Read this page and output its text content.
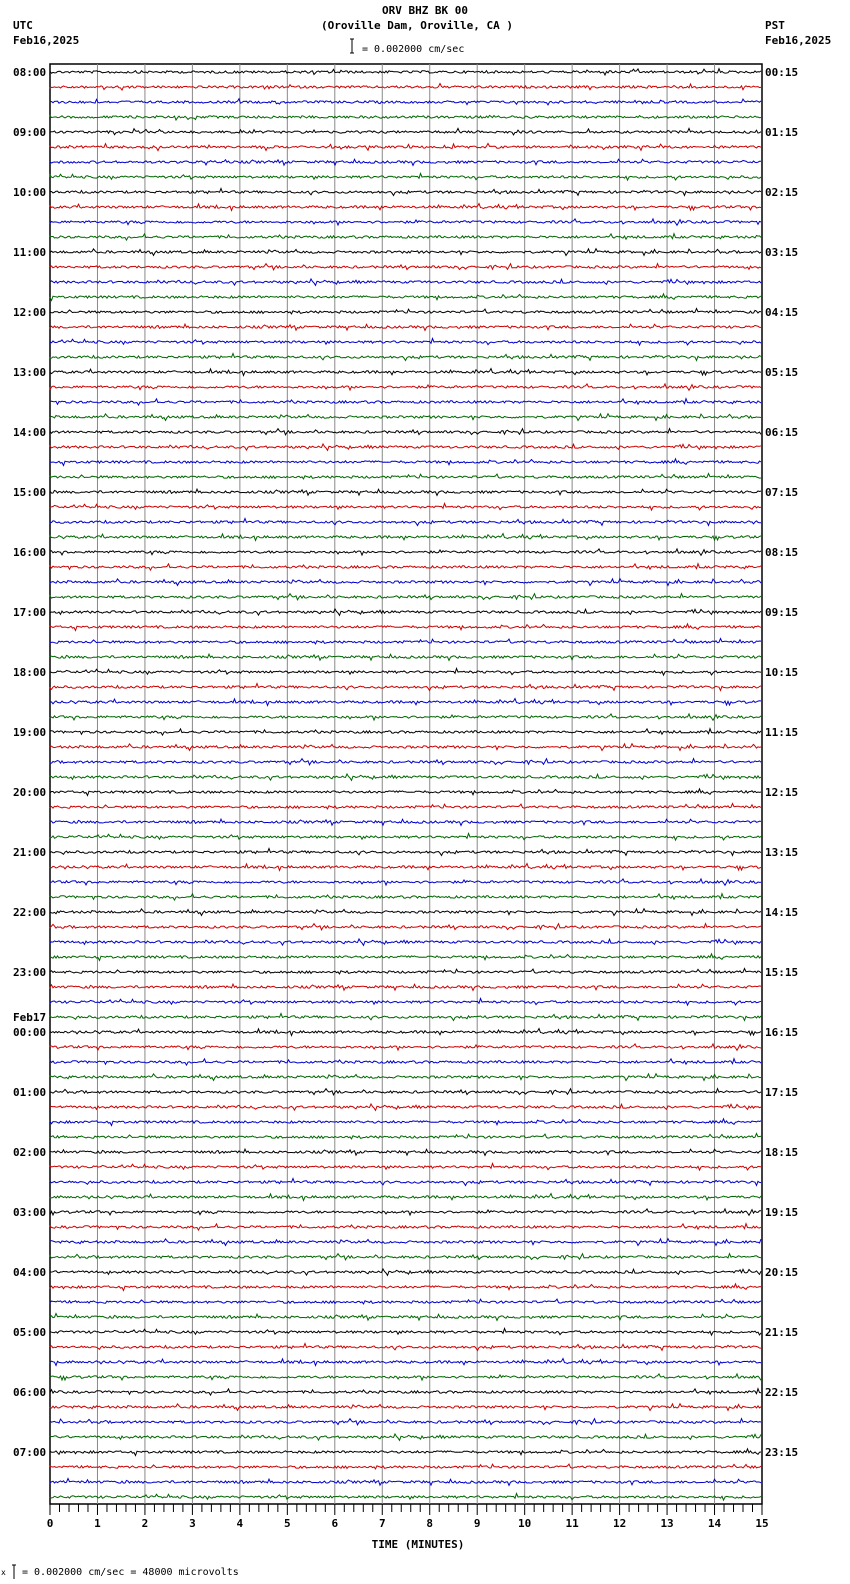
ORV BHZ BK 00
(Oroville Dam, Oroville, CA )
UTC
Feb16,2025
PST
Feb16,2025
= 0.002000 cm/sec
08:00
09:00
10:00
11:00
12:00
13:00
14:00
15:00
16:00
17:00
18:00
19:00
20:00
21:00
22:00
23:00
00:00
Feb17
01:00
02:00
03:00
04:00
05:00
06:00
07:00
00:15
01:15
02:15
03:15
04:15
05:15
06:15
07:15
08:15
09:15
10:15
11:15
12:15
13:15
14:15
15:15
16:15
17:15
18:15
19:15
20:15
21:15
22:15
23:15
0	1	2	3	4	5	6	7	8	9	10	11	12	13	14	15
TIME (MINUTES)
x = 0.002000 cm/sec = 48000 microvolts
